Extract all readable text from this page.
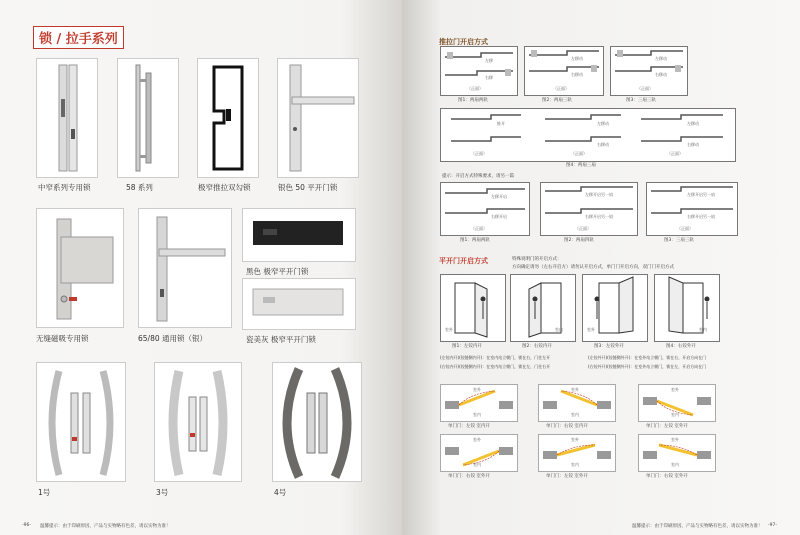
锁 / 拉手系列
中窄系列专用锁	58 系列	极窄推拉双勾锁	银色 50 平开门锁
无缝磁吸专用锁	65/80 通用锁（银）
黑色 极窄平开门锁
瓷美灰 极窄平开门锁
1号	3号	4号
-96- 温馨提示：由于印刷原因，产品与实物略有色差，请以实物为准！
推拉门开启方式
左移
右移
（正面）
图1：两扇两轨
左移动
右移动
（正面）
图2：两扇三轨
左移动
右移动
（正面）
图3：三扇三轨
推开	左移动
右移动
左移动
右移动
（正面）	（正面）	（正面）
图4：两扇三扇
提示：开启方式特殊要求，请另一篇
左移开启
右移开启
（正面）
图1：两扇两轨
左移开启另一扇
右移开启另一扇
（正面）
图2：两扇四轨
左移开启另一扇
右移开启另一扇
（正面）
图3：三扇三轨
平开门开启方式	特殊说明门的开启方式：
方向确定请勿（左右开启方）请勿认开启方式，单门门开启方向，双门门开启方式
室外
图1：左铰内开
室内
图2：右铰内开
室外
图3：左铰外开
室内
图4：右铰外开
(左铰内开)(铰链侧内开)：在室内站立朝门，锁在右，门往左开	(左铰外开)(铰链侧外开)：在室外站立朝门，锁在右，开启方向在门
(右铰内开)(铰链侧内开)：在室内站立朝门，锁在左，门往右开	(右铰外开)(铰链侧外开)：在室外站立朝门，锁在左，开启方向在门
室外
室内
单门门：左铰 室内开
室外
室内
单门门：右铰 室内开
室外
室内
单门门：左铰 室外开
室外
室内
单门门：右铰 室外开
室外
室内
单门门：左铰 室外开
室外
室内
单门门：右铰 室外开
温馨提示：由于印刷原因，产品与实物略有色差，请以实物为准！ -97-
